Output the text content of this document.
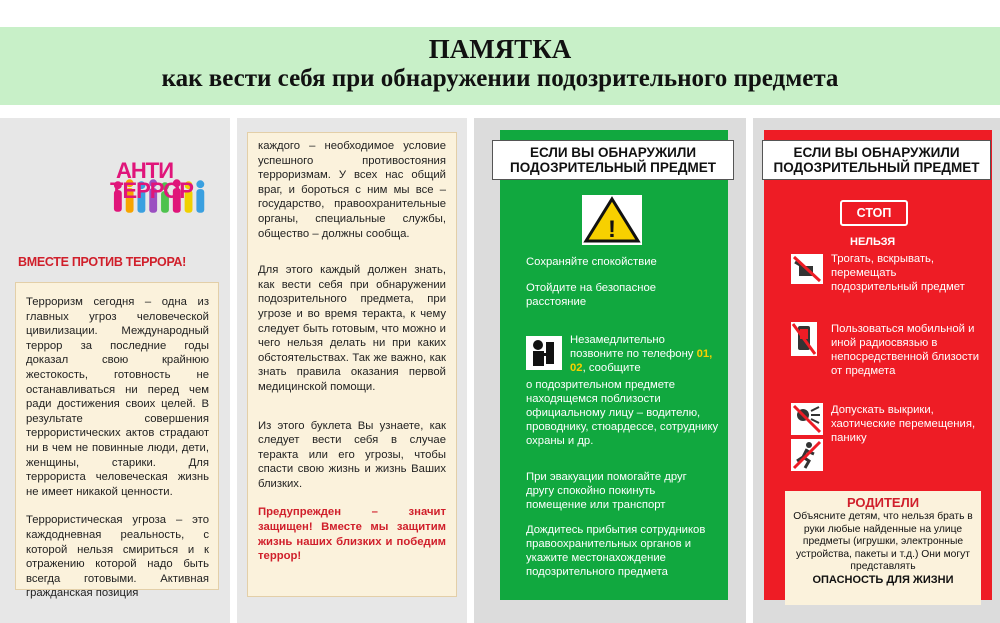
ПАМЯТКА
как вести себя при обнаружении подозрительного предмета
АНТИ
ТЕРРОР
ВМЕСТЕ ПРОТИВ ТЕРРОРА!

Терроризм сегодня – одна из главных угроз человеческой цивилизации. Международный террор за последние годы доказал свою крайнюю жестокость, готовность не останавливаться ни перед чем ради достижения своих целей. В результате совершения террористических актов страдают ни в чем не повинные люди, дети, женщины, старики. Для террориста человеческая жизнь не имеет никакой ценности.

Террористическая угроза – это каждодневная реальность, с которой нельзя смириться и к отражению которой надо быть всегда готовыми. Активная гражданская позиция

каждого – необходимое условие успешного противостояния терроризмам. У всех нас общий враг, и бороться с ним мы все – государство, правоохранительные органы, специальные службы, общество – должны сообща.

Для этого каждый должен знать, как вести себя при обнаружении подозрительного предмета, при угрозе и во время теракта, к чему следует быть готовым, что можно и чего нельзя делать ни при каких обстоятельствах. Так же важно, как знать правила оказания первой медицинской помощи.

Из этого буклета Вы узнаете, как следует вести себя в случае теракта или его угрозы, чтобы спасти свою жизнь и жизнь Ваших близких.

Предупрежден – значит защищен! Вместе мы защитим жизнь наших близких и победим террор!

ЕСЛИ ВЫ ОБНАРУЖИЛИ
ПОДОЗРИТЕЛЬНЫЙ ПРЕДМЕТ
!
Сохраняйте спокойствие
Отойдите на безопасное расстояние
Незамедлительно позвоните по телефону 01, 02, сообщите
о подозрительном предмете находящемся поблизости официальному лицу – водителю, проводнику, стюардессе, сотруднику охраны и др.
При эвакуации помогайте друг другу спокойно покинуть помещение или транспорт
Дождитесь прибытия сотрудников правоохранительных органов и укажите местонахождение подозрительного предмета
ЕСЛИ ВЫ ОБНАРУЖИЛИ
ПОДОЗРИТЕЛЬНЫЙ ПРЕДМЕТ
СТОП
НЕЛЬЗЯ
Трогать, вскрывать, перемещать подозрительный предмет
Пользоваться мобильной и иной радиосвязью в непосредственной близости от предмета
Допускать выкрики, хаотические перемещения, панику
РОДИТЕЛИ
Объясните детям, что нельзя брать в руки любые найденные на улице предметы (игрушки, электронные устройства, пакеты и т.д.) Они могут представлять
ОПАСНОСТЬ ДЛЯ ЖИЗНИ
